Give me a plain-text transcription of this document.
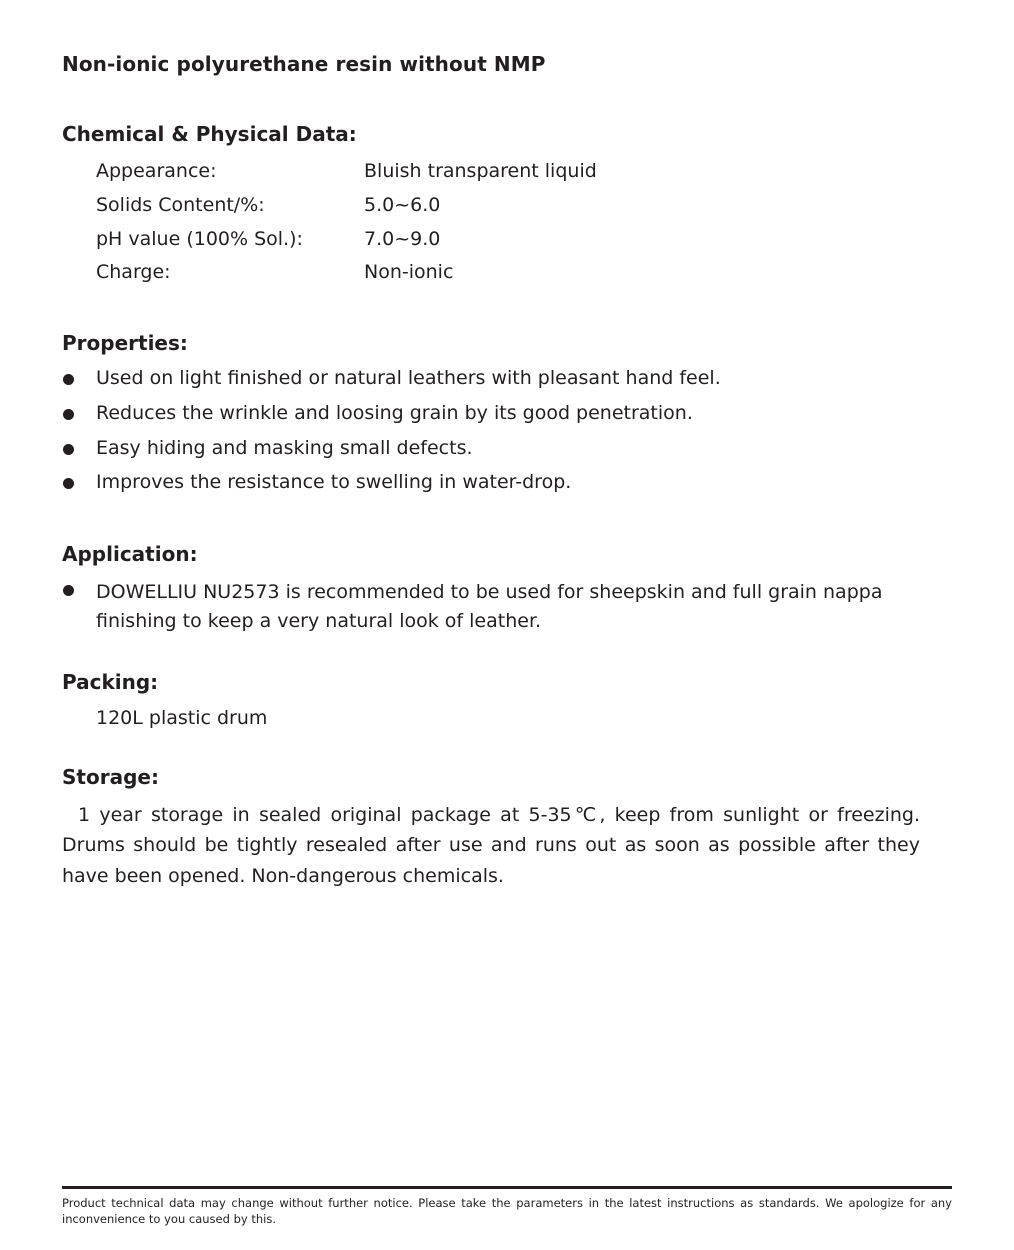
Non-ionic polyurethane resin without NMP
Chemical & Physical Data:
Appearance:	Bluish transparent liquid
Solids Content/%:	5.0~6.0
pH value (100% Sol.):	7.0~9.0
Charge:	Non-ionic
Properties:
Used on light finished or natural leathers with pleasant hand feel.
Reduces the wrinkle and loosing grain by its good penetration.
Easy hiding and masking small defects.
Improves the resistance to swelling in water-drop.
Application:
DOWELLIU NU2573 is recommended to be used for sheepskin and full grain nappa finishing to keep a very natural look of leather.
Packing:
120L plastic drum
Storage:

1 year storage in sealed original package at 5-35℃, keep from sunlight or freezing. Drums should be tightly resealed after use and runs out as soon as possible after they have been opened. Non-dangerous chemicals.

Product technical data may change without further notice. Please take the parameters in the latest instructions as standards. We apologize for any inconvenience to you caused by this.
